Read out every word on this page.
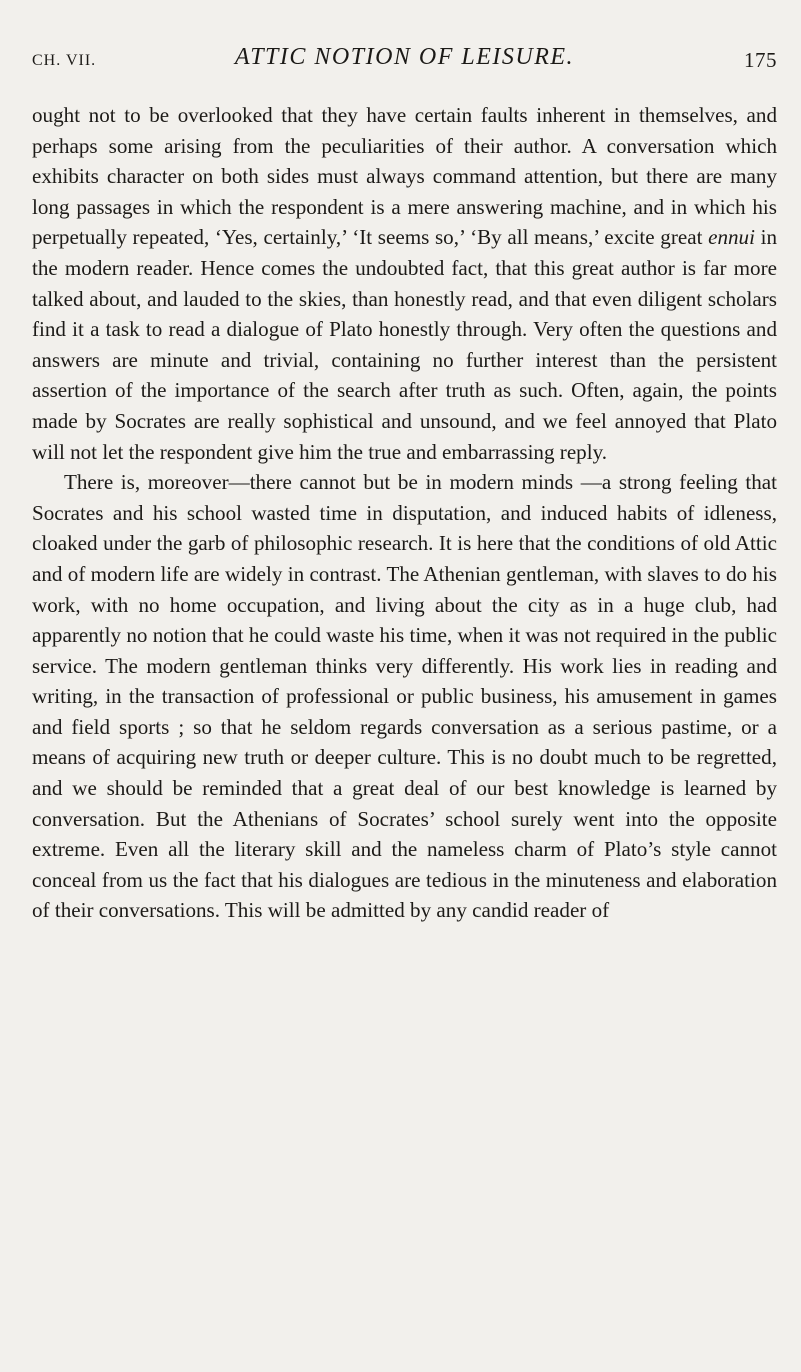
CH. VII.	ATTIC NOTION OF LEISURE.	175

ought not to be overlooked that they have certain faults inherent in themselves, and perhaps some arising from the peculiarities of their author. A conversation which exhibits character on both sides must always command attention, but there are many long passages in which the respondent is a mere answering machine, and in which his perpetually repeated, ‘Yes, certainly,’ ‘It seems so,’ ‘By all means,’ excite great ennui in the modern reader. Hence comes the undoubted fact, that this great author is far more talked about, and lauded to the skies, than honestly read, and that even diligent scholars find it a task to read a dialogue of Plato honestly through. Very often the questions and answers are minute and trivial, containing no further interest than the persistent assertion of the importance of the search after truth as such. Often, again, the points made by Socrates are really sophistical and unsound, and we feel annoyed that Plato will not let the respondent give him the true and embarrassing reply.

There is, moreover—there cannot but be in modern minds —a strong feeling that Socrates and his school wasted time in disputation, and induced habits of idleness, cloaked under the garb of philosophic research. It is here that the conditions of old Attic and of modern life are widely in contrast. The Athenian gentleman, with slaves to do his work, with no home occupation, and living about the city as in a huge club, had apparently no notion that he could waste his time, when it was not required in the public service. The modern gentleman thinks very differently. His work lies in reading and writing, in the transaction of professional or public business, his amusement in games and field sports ; so that he seldom regards conversation as a serious pastime, or a means of acquiring new truth or deeper culture. This is no doubt much to be regretted, and we should be reminded that a great deal of our best knowledge is learned by conversation. But the Athenians of Socrates’ school surely went into the opposite extreme. Even all the literary skill and the nameless charm of Plato’s style cannot conceal from us the fact that his dialogues are tedious in the minuteness and elaboration of their conversations. This will be admitted by any candid reader of
